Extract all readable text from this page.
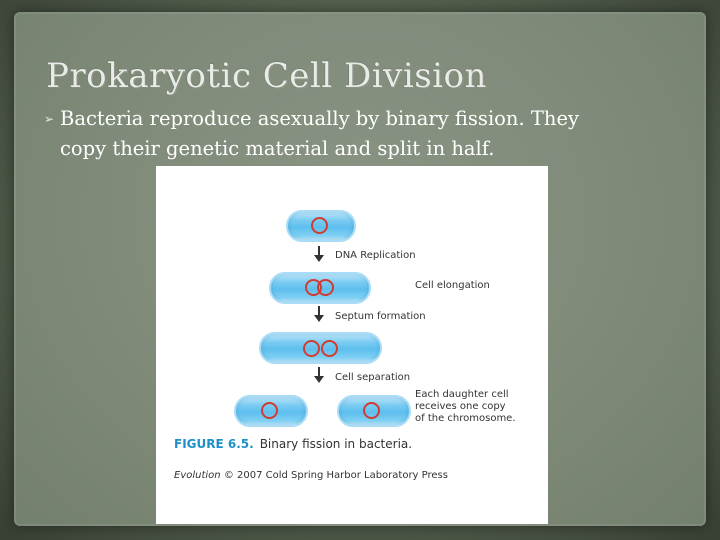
Prokaryotic Cell Division
➢ Bacteria reproduce asexually by binary fission. They
copy their genetic material and split in half.
DNA Replication
Cell elongation
Septum formation
Cell separation
Each daughter cell
receives one copy
of the chromosome.
FIGURE 6.5. Binary fission in bacteria.
Evolution © 2007 Cold Spring Harbor Laboratory Press
